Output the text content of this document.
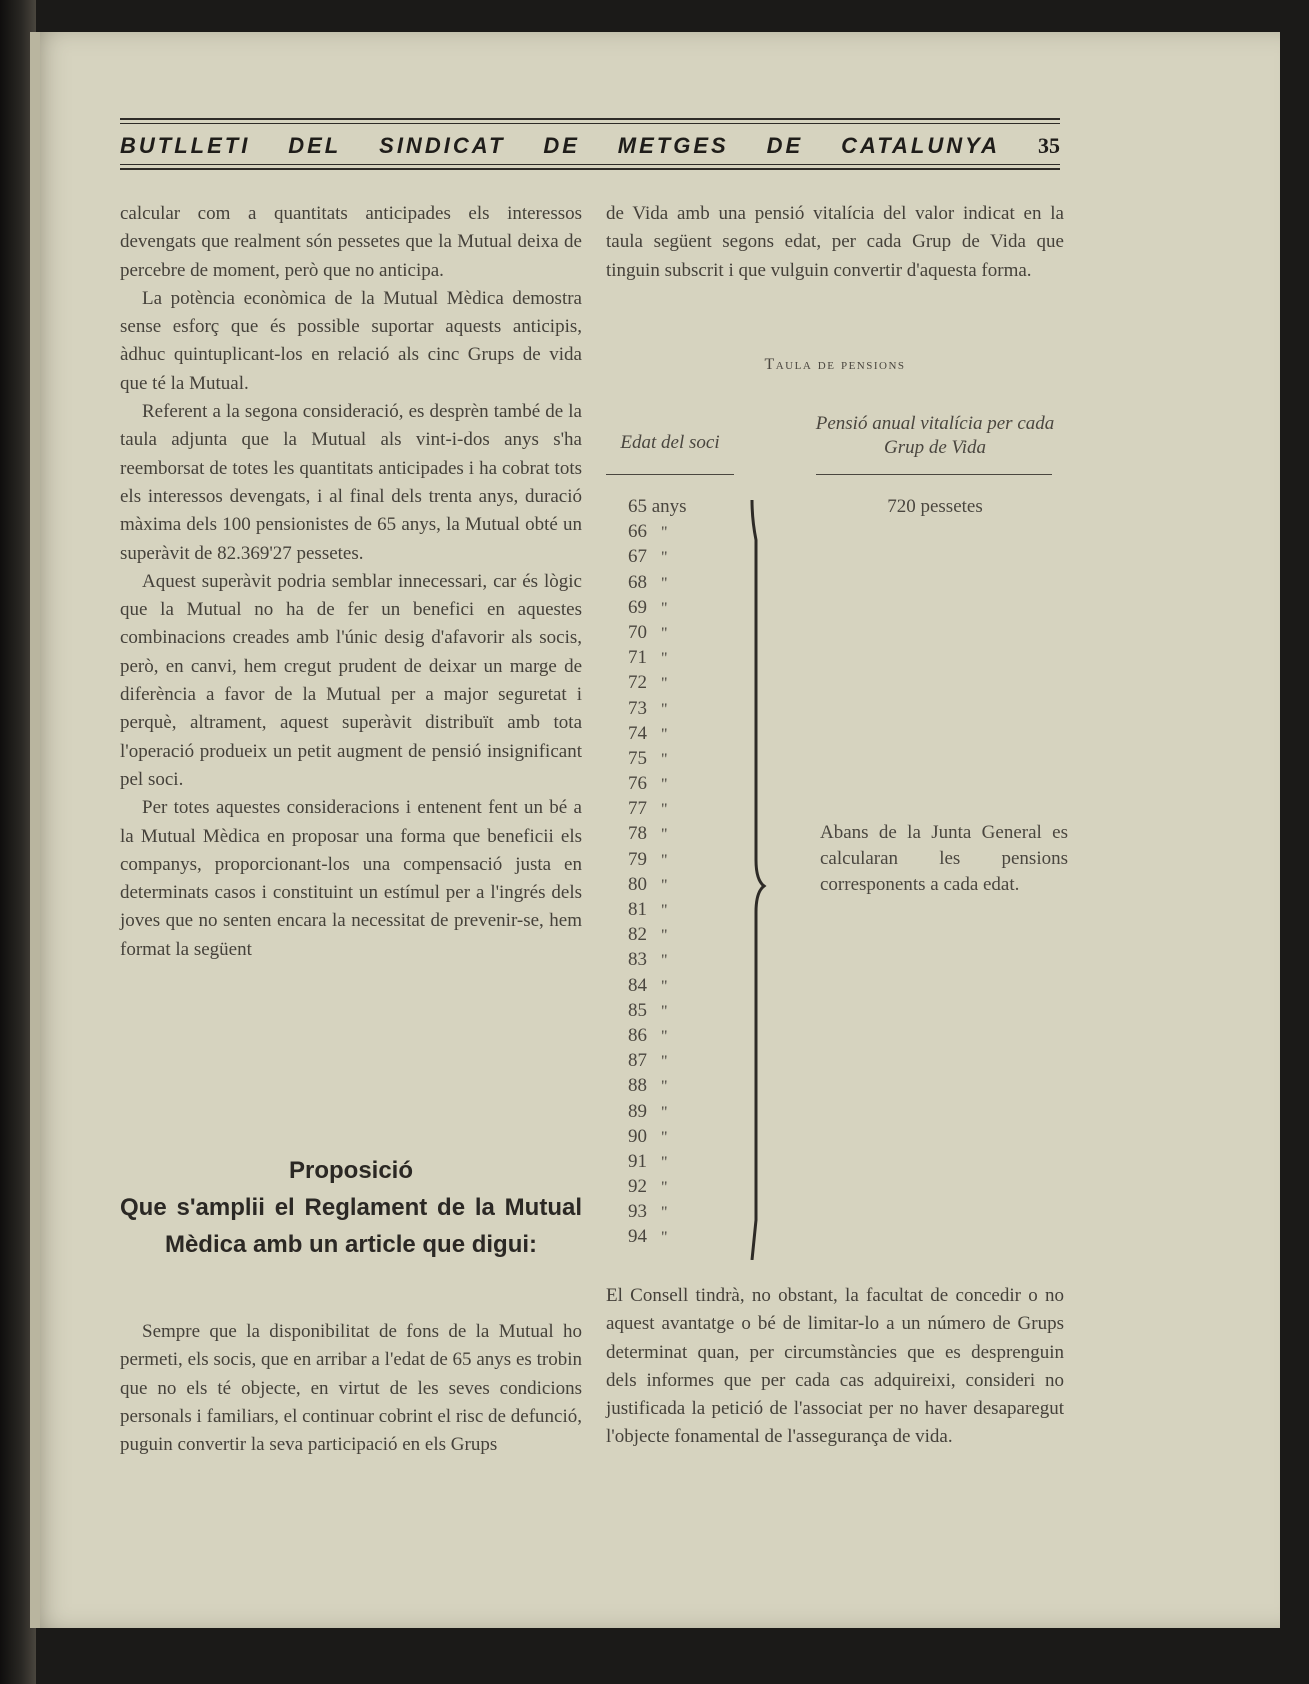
BUTLLETI DEL SINDICAT DE METGES DE CATALUNYA 35

calcular com a quantitats anticipades els interessos devengats que realment són pessetes que la Mutual deixa de percebre de moment, però que no anticipa.

La potència econòmica de la Mutual Mèdica demostra sense esforç que és possible suportar aquests anticipis, àdhuc quintuplicant-los en relació als cinc Grups de vida que té la Mutual.

Referent a la segona consideració, es desprèn també de la taula adjunta que la Mutual als vint-i-dos anys s'ha reemborsat de totes les quantitats anticipades i ha cobrat tots els interessos devengats, i al final dels trenta anys, duració màxima dels 100 pensionistes de 65 anys, la Mutual obté un superàvit de 82.369'27 pessetes.

Aquest superàvit podria semblar innecessari, car és lògic que la Mutual no ha de fer un benefici en aquestes combinacions creades amb l'únic desig d'afavorir als socis, però, en canvi, hem cregut prudent de deixar un marge de diferència a favor de la Mutual per a major seguretat i perquè, altrament, aquest superàvit distribuït amb tota l'operació produeix un petit augment de pensió insignificant pel soci.

Per totes aquestes consideracions i entenent fent un bé a la Mutual Mèdica en proposar una forma que beneficii els companys, proporcionant-los una compensació justa en determinats casos i constituint un estímul per a l'ingrés dels joves que no senten encara la necessitat de prevenir-se, hem format la següent

Proposició
Que s'amplii el Reglament de la Mutual Mèdica amb un article que digui:

Sempre que la disponibilitat de fons de la Mutual ho permeti, els socis, que en arribar a l'edat de 65 anys es trobin que no els té objecte, en virtut de les seves condicions personals i familiars, el continuar cobrint el risc de defunció, puguin convertir la seva participació en els Grups

de Vida amb una pensió vitalícia del valor indicat en la taula següent segons edat, per cada Grup de Vida que tinguin subscrit i que vulguin convertir d'aquesta forma.

Taula de pensions
Edat del soci
Pensió anual vitalícia per cada Grup de Vida
65 anys
66 "
67 "
68 "
69 "
70 "
71 "
72 "
73 "
74 "
75 "
76 "
77 "
78 "
79 "
80 "
81 "
82 "
83 "
84 "
85 "
86 "
87 "
88 "
89 "
90 "
91 "
92 "
93 "
94 "
720 pessetes
Abans de la Junta General es calcularan les pensions corresponents a cada edat.

El Consell tindrà, no obstant, la facultat de concedir o no aquest avantatge o bé de limitar-lo a un número de Grups determinat quan, per circumstàncies que es desprenguin dels informes que per cada cas adquireixi, consideri no justificada la petició de l'associat per no haver desaparegut l'objecte fonamental de l'assegurança de vida.
